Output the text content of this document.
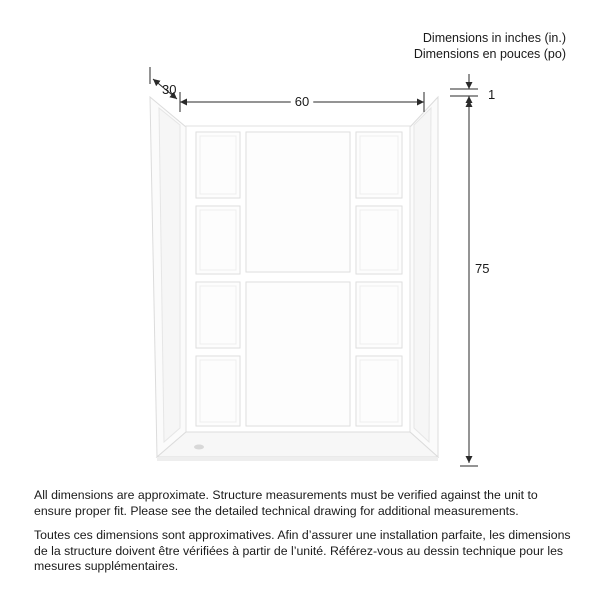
30
60	1
75
Dimensions in inches (in.)
Dimensions en pouces (po)

All dimensions are approximate. Structure measurements must be verified against the unit to ensure proper fit. Please see the detailed technical drawing for additional measurements.

Toutes ces dimensions sont approximatives. Afin d’assurer une installation parfaite, les dimensions de la structure doivent être vérifiées à partir de l’unité. Référez-vous au dessin technique pour les mesures supplémentaires.
